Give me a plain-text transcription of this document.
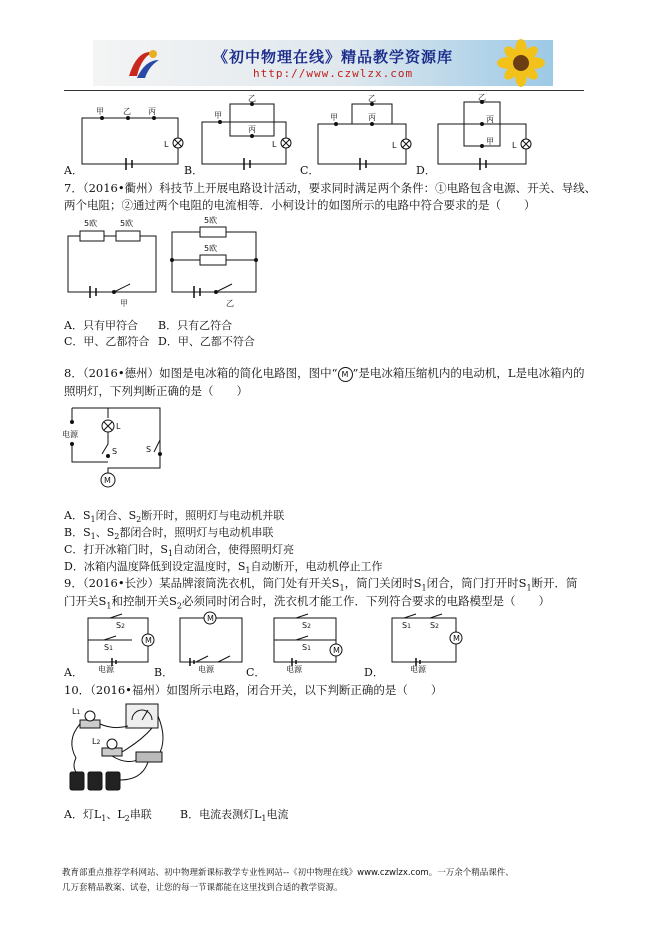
《初中物理在线》精品教学资源库
http://www.czwlzx.com
甲 乙 丙
L
乙
丙
甲
L
乙
丙
甲
L
乙
丙
甲 L
A．	B．	C．	D．
7．（2016•衢州）科技节上开展电路设计活动，要求同时满足两个条件：①电路包含电源、开关、导线、
两个电阻；②通过两个电阻的电流相等．小柯设计的如图所示的电路中符合要求的是（　　）
5欧	5欧	5欧
5欧
甲	乙
A．只有甲符合 B．只有乙符合
C．甲、乙都符合 D．甲、乙都不符合
8．（2016•德州）如图是电冰箱的简化电路图，图中“ M ”是电冰箱压缩机内的电动机，L是电冰箱内的
照明灯，下列判断正确的是（　　）
电源
L
S	S
M
A．$S_1$闭合、$S_2$断开时，照明灯与电动机并联
B．$S_1$、$S_2$都闭合时，照明灯与电动机串联
C．打开冰箱门时，$S_1$自动闭合，使得照明灯亮
D．冰箱内温度降低到设定温度时，$S_1$自动断开，电动机停止工作
9．（2016•长沙）某品牌滚筒洗衣机，筒门处有开关$S_1$，筒门关闭时$S_1$闭合，筒门打开时$S_1$断开．筒
门开关$S_1$和控制开关$S_2$必须同时闭合时，洗衣机才能工作．下列符合要求的电路模型是（　　）
S2
S1
M
电源
M
电源
S2
S1	M
电源
S1 S2
M
电源
A．	B．	C．	D．
10．（2016•福州）如图所示电路，闭合开关，以下判断正确的是（　　）
L1
L2
A．灯$L_1$、$L_2$串联	B．电流表测灯$L_1$电流
教育部重点推荐学科网站、初中物理新课标教学专业性网站--《初中物理在线》www.czwlzx.com。一万余个精品课件、
几万套精品教案、试卷，让您的每一节课都能在这里找到合适的教学资源。
